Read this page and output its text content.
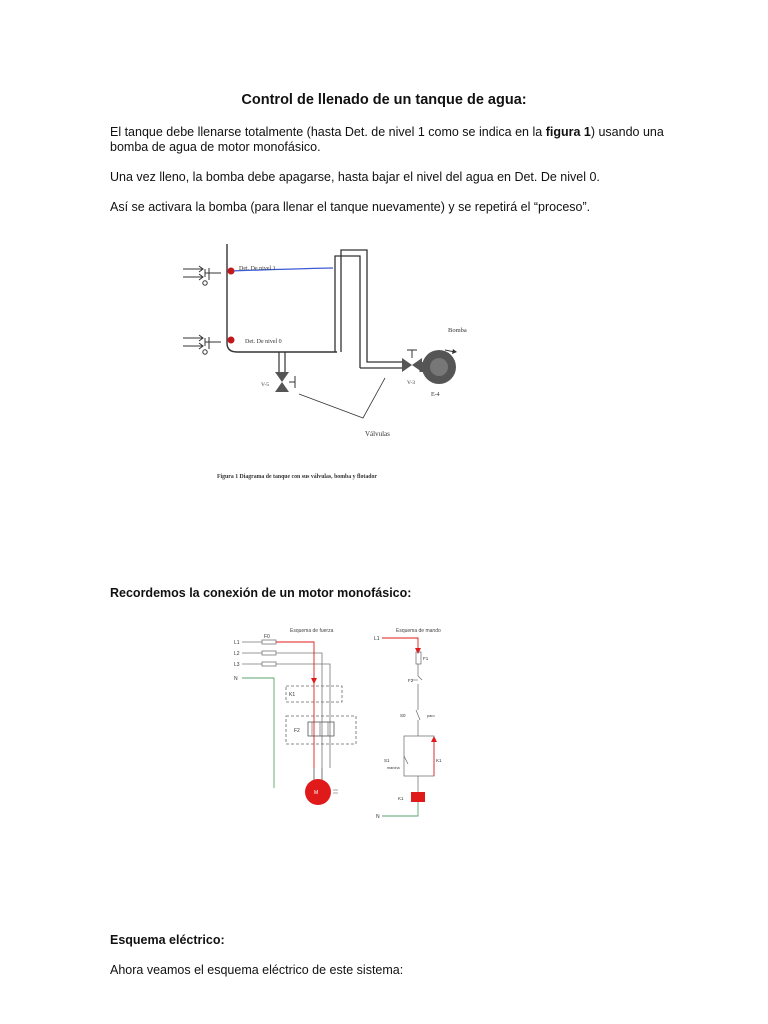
Control de llenado de un tanque de agua:
El tanque debe llenarse totalmente (hasta Det. de nivel 1 como se indica en la figura 1) usando una bomba de agua de motor monofásico.
Una vez lleno, la bomba debe apagarse, hasta bajar el nivel del agua en Det. De nivel 0.
Así se activara la bomba (para llenar el tanque nuevamente) y se repetirá el “proceso”.
Det. De nivel 1
Det. De nivel 0
V-5	V-3
E-4
Bomba
Válvulas
Figura 1 Diagrama de tanque con sus válvulas, bomba y flotador
Recordemos la conexión de un motor monofásico:
Esquema de fuerza	Esquema de mando
L1
L2
L3
N
F0
K1
F2
M
L1
F1
F2
S0	paro
S1
marcha
K1
K1
N
Esquema eléctrico:
Ahora veamos el esquema eléctrico de este sistema:
